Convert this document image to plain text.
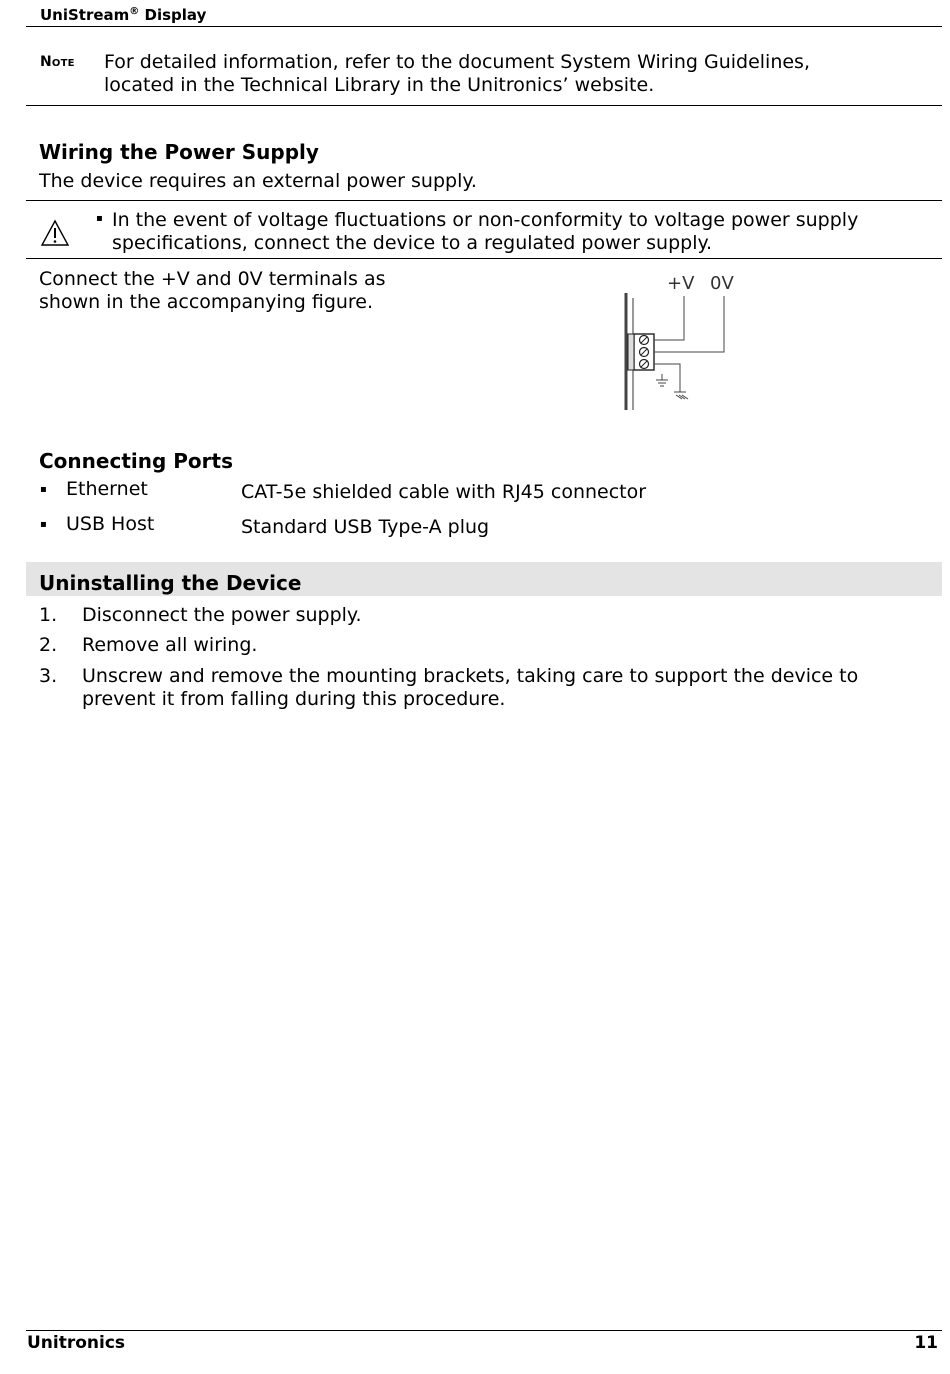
UniStream® Display
Note For detailed information, refer to the document System Wiring Guidelines,
located in the Technical Library in the Unitronics’ website.
Wiring the Power Supply
The device requires an external power supply.
▪ In the event of voltage fluctuations or non-conformity to voltage power supply
specifications, connect the device to a regulated power supply.
Connect the +V and 0V terminals as
shown in the accompanying figure.
+V 0V
Connecting Ports
▪ Ethernet	CAT-5e shielded cable with RJ45 connector
▪ USB Host	Standard USB Type-A plug
Uninstalling the Device
1.	Disconnect the power supply.
2.	Remove all wiring.
3.	Unscrew and remove the mounting brackets, taking care to support the device to
prevent it from falling during this procedure.
Unitronics	11
